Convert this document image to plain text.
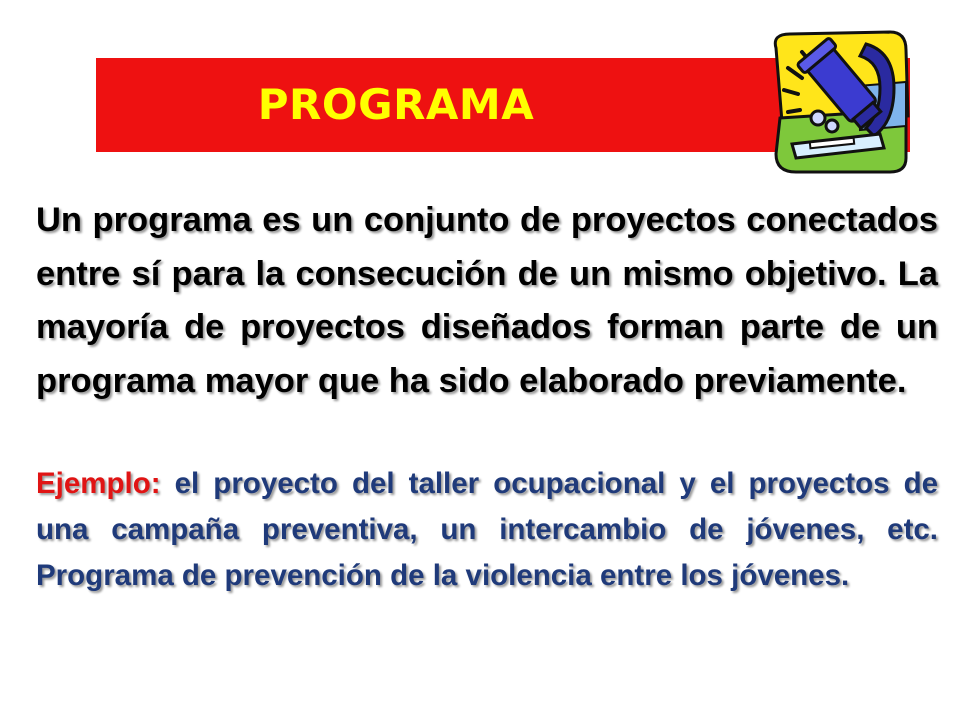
PROGRAMA

Un programa es un conjunto de proyectos conectados entre sí para la consecución de un mismo objetivo. La mayoría de proyectos diseñados forman parte de un programa mayor que ha sido elaborado previamente.

Ejemplo: el proyecto del taller ocupacional y el proyectos de una campaña preventiva, un intercambio de jóvenes, etc. Programa de prevención de la violencia entre los jóvenes.
